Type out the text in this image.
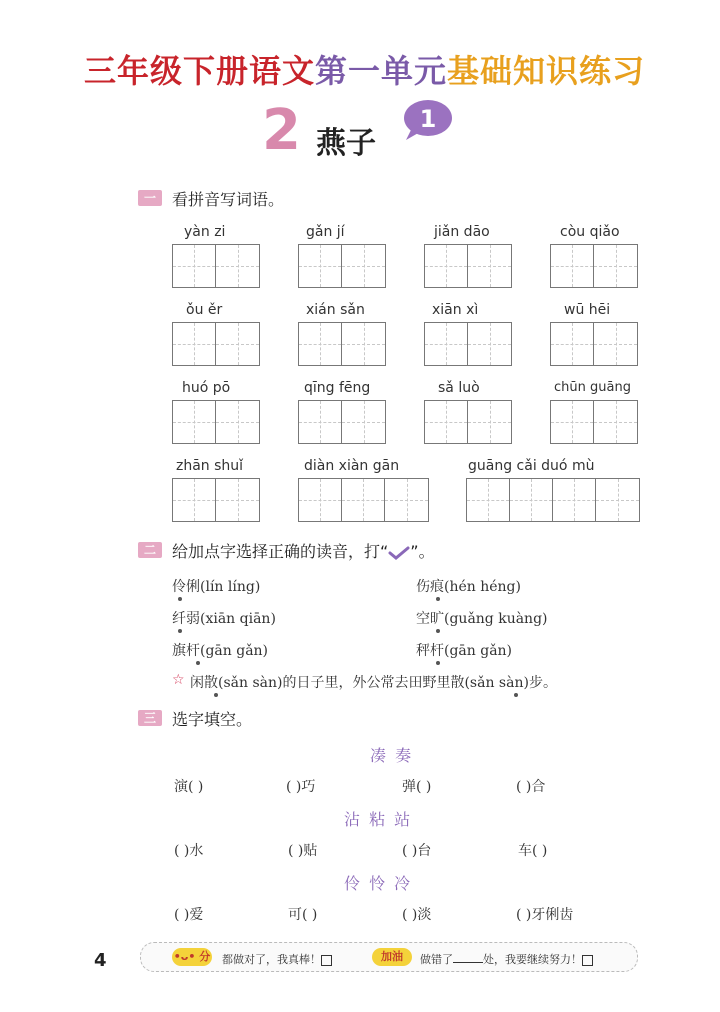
三年级下册语文第一单元基础知识练习
2 燕子
1
一	看拼音写词语。
yàn zi	gǎn jí	jiǎn dāo	còu qiǎo
ǒu ěr	xián sǎn	xiān xì	wū hēi
huó pō	qīng fēng	sǎ luò	chūn guāng
zhān shuǐ	diàn xiàn gān	guāng cǎi duó mù
二	给加点字选择正确的读音，打“ ”。
伶俐(lín líng)	伤痕(hén héng)
纤弱(xiān qiān)	空旷(guǎng kuàng)
旗杆(gān gǎn)	秤杆(gān gǎn)
☆ 闲散(sǎn sàn)的日子里，外公常去田野里散(sǎn sàn)步。
三	选字填空。
凑 奏
演( )	( )巧	弹( )	( )合
沾 粘 站
( )水	( )贴	( )台	车( )
伶 怜 冷
( )爱	可( )	( )淡	( )牙俐齿
4	•ᴗ• 分 都做对了，我真棒！	加油	做错了	处，我要继续努力！
